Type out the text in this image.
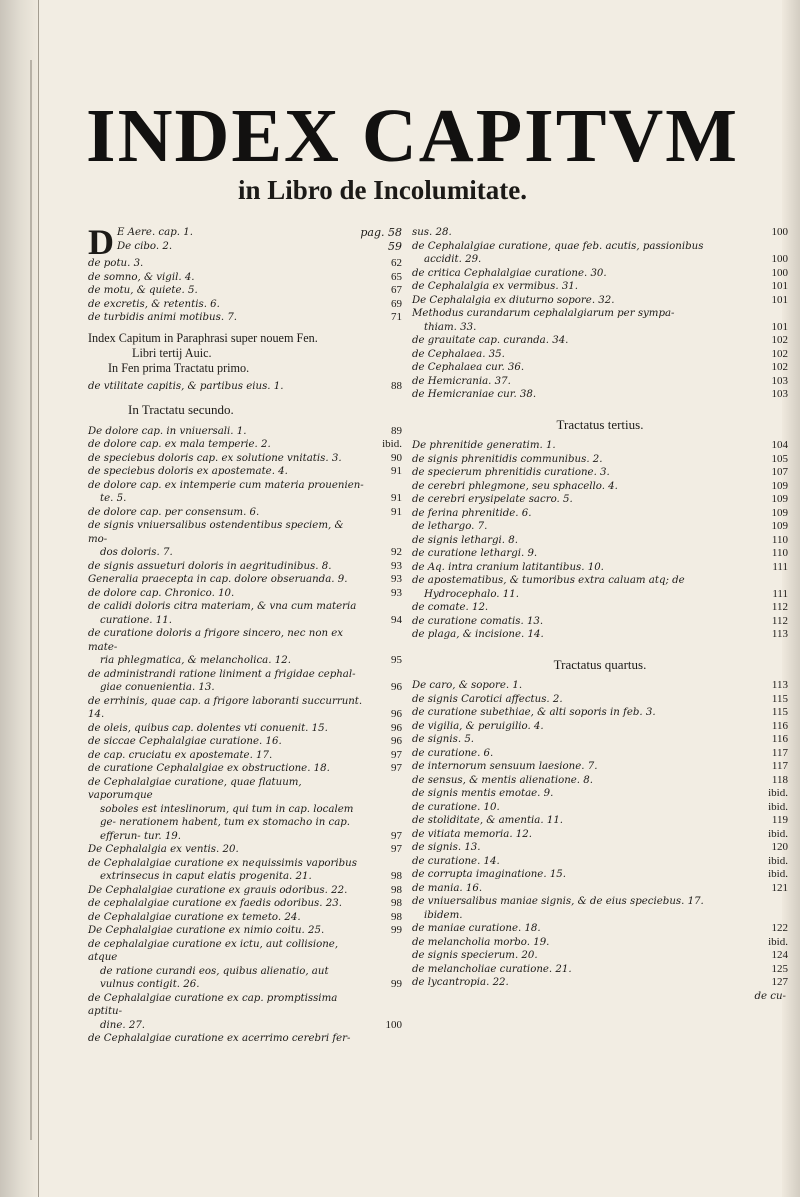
INDEX CAPITVM
in Libro de Incolumitate.
D E Aere. cap. 1.	pag. 58
De cibo. 2.	59
de potu. 3.	62
de somno, & vigil. 4.	65
de motu, & quiete. 5.	67
de excretis, & retentis. 6.	69
de turbidis animi motibus. 7.	71
Index Capitum in Paraphrasi super nouem Fen.

Libri tertij Auic.
In Fen prima Tractatu primo.
de vtilitate capitis, & partibus eius. 1.	88
In Tractatu secundo.
De dolore cap. in vniuersali. 1.	89
de dolore cap. ex mala temperie. 2.	ibid.
de speciebus doloris cap. ex solutione vnitatis. 3.	90
de speciebus doloris ex apostemate. 4.	91
de dolore cap. ex intemperie cum materia prouenien-
te. 5.	91
de dolore cap. per consensum. 6.	91
de signis vniuersalibus ostendentibus speciem, & mo-
dos doloris. 7.	92
de signis assueturi doloris in aegritudinibus. 8.	93
Generalia praecepta in cap. dolore obseruanda. 9.	93
de dolore cap. Chronico. 10.	93
de calidi doloris citra materiam, & vna cum materia
curatione. 11.	94
de curatione doloris a frigore sincero, nec non ex mate-
ria phlegmatica, & melancholica. 12.	95
de administrandi ratione liniment a frigidae cephal-
giae conuenientia. 13.	96
de errhinis, quae cap. a frigore laboranti succurrunt. 14.	96
de oleis, quibus cap. dolentes vti conuenit. 15.	96
de siccae Cephalalgiae curatione. 16.	96
de cap. cruciatu ex apostemate. 17.	97
de curatione Cephalalgiae ex obstructione. 18.	97
de Cephalalgiae curatione, quae flatuum, vaporumque
soboles est inteslinorum, qui tum in cap. localem ge- nerationem habent, tum ex stomacho in cap. efferun- tur. 19.	97
De Cephalalgia ex ventis. 20.	97
de Cephalalgiae curatione ex nequissimis vaporibus
extrinsecus in caput elatis progenita. 21.	98
De Cephalalgiae curatione ex grauis odoribus. 22.	98
de cephalalgiae curatione ex faedis odoribus. 23.	98
de Cephalalgiae curatione ex temeto. 24.	98
De Cephalalgiae curatione ex nimio coitu. 25.	99
de cephalalgiae curatione ex ictu, aut collisione, atque
de ratione curandi eos, quibus alienatio, aut vulnus contigit. 26.	99
de Cephalalgiae curatione ex cap. promptissima aptitu-
dine. 27.	100
de Cephalalgiae curatione ex acerrimo cerebri fer-
sus. 28.	100
de Cephalalgiae curatione, quae feb. acutis, passionibus
accidit. 29.	100
de critica Cephalalgiae curatione. 30.	100
de Cephalalgia ex vermibus. 31.	101
De Cephalalgia ex diuturno sopore. 32.	101
Methodus curandarum cephalalgiarum per sympa-
thiam. 33.	101
de grauitate cap. curanda. 34.	102
de Cephalaea. 35.	102
de Cephalaea cur. 36.	102
de Hemicrania. 37.	103
de Hemicraniae cur. 38.	103
Tractatus tertius.
De phrenitide generatim. 1.	104
de signis phrenitidis communibus. 2.	105
de specierum phrenitidis curatione. 3.	107
de cerebri phlegmone, seu sphacello. 4.	109
de cerebri erysipelate sacro. 5.	109
de ferina phrenitide. 6.	109
de lethargo. 7.	109
de signis lethargi. 8.	110
de curatione lethargi. 9.	110
de Aq. intra cranium latitantibus. 10.	111
de apostematibus, & tumoribus extra caluam atq; de
Hydrocephalo. 11.	111
de comate. 12.	112
de curatione comatis. 13.	112
de plaga, & incisione. 14.	113
Tractatus quartus.
De caro, & sopore. 1.	113
de signis Carotici affectus. 2.	115
de curatione subethiae, & alti soporis in feb. 3.	115
de vigilia, & peruigilio. 4.	116
de signis. 5.	116
de curatione. 6.	117
de internorum sensuum laesione. 7.	117
de sensus, & mentis alienatione. 8.	118
de signis mentis emotae. 9.	ibid.
de curatione. 10.	ibid.
de stoliditate, & amentia. 11.	119
de vitiata memoria. 12.	ibid.
de signis. 13.	120
de curatione. 14.	ibid.
de corrupta imaginatione. 15.	ibid.
de mania. 16.	121
de vniuersalibus maniae signis, & de eius speciebus. 17.
ibidem.
de maniae curatione. 18.	122
de melancholia morbo. 19.	ibid.
de signis specierum. 20.	124
de melancholiae curatione. 21.	125
de lycantropia. 22.	127
de cu-
